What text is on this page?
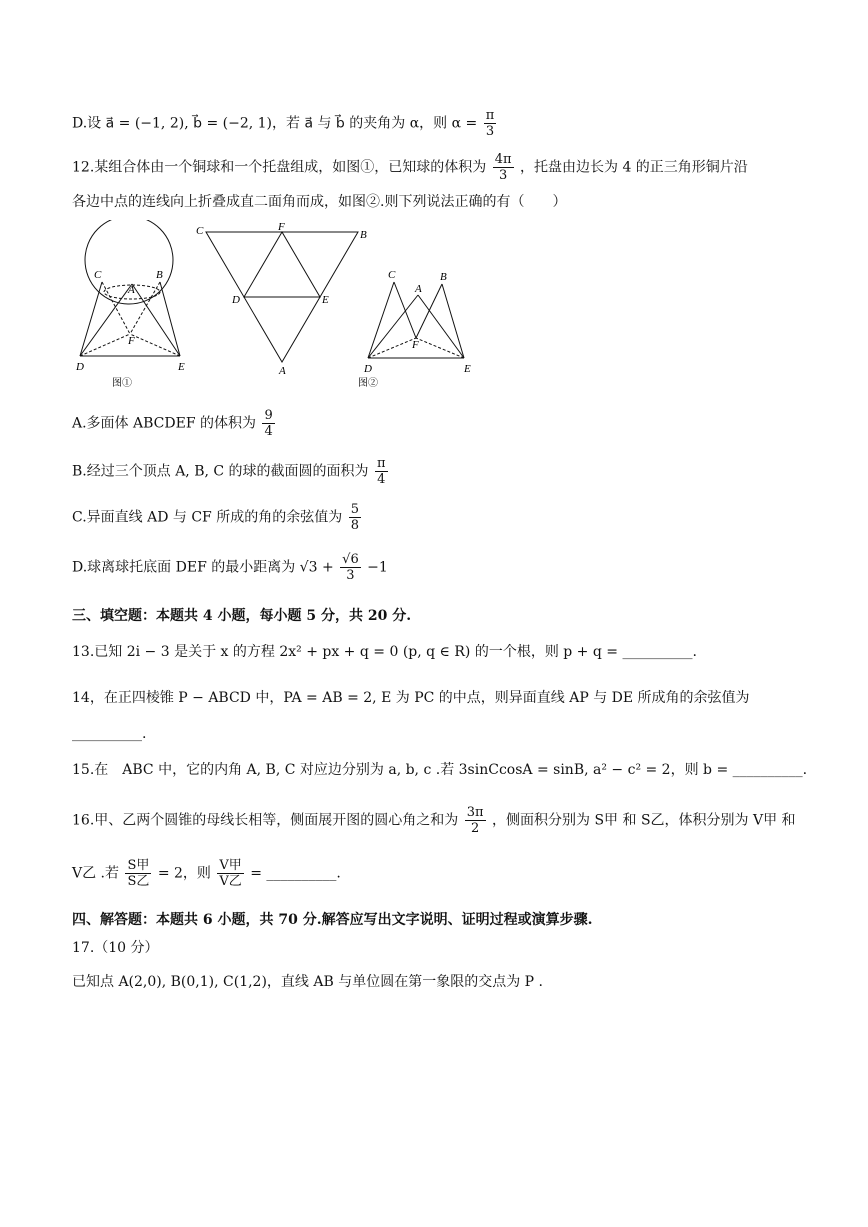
D.设 a⃗ = (−1, 2), b⃗ = (−2, 1)，若 a⃗ 与 b⃗ 的夹角为 α，则 $\alpha = \frac{\pi}{3}$
12.某组合体由一个铜球和一个托盘组成，如图①，已知球的体积为 $\frac{4\pi}{3}$ ，托盘由边长为 4 的正三角形铜片沿
各边中点的连线向上折叠成直二面角而成，如图②.则下列说法正确的有（　　）
C	B
A
F
D	E
图①
C	F
B
D	E
A
C
A
B
F
D	E
图②
A.多面体 ABCDEF 的体积为 $\frac{9}{4}$
B.经过三个顶点 A, B, C 的球的截面圆的面积为 $\frac{\pi}{4}$
C.异面直线 AD 与 CF 所成的角的余弦值为 $\frac{5}{8}$
D.球离球托底面 DEF 的最小距离为 $√3 + \frac{√6}{3} -1$
三、填空题：本题共 4 小题，每小题 5 分，共 20 分.
13.已知 2i − 3 是关于 x 的方程 2x² + px + q = 0 (p, q ∈ R) 的一个根，则 p + q = __________.
14，在正四棱锥 P − ABCD 中，PA = AB = 2, E 为 PC 的中点，则异面直线 AP 与 DE 所成角的余弦值为
__________.
15.在　ABC 中，它的内角 A, B, C 对应边分别为 a, b, c .若 3sinCcosA = sinB, a² − c² = 2，则 b = __________.
16.甲、乙两个圆锥的母线长相等，侧面展开图的圆心角之和为 $\frac{3\pi}{2}$ ，侧面积分别为 S甲 和 S乙，体积分别为 V甲 和
V乙 .若 $\frac{\text{S甲}}{\text{S乙}} = 2$，则 $\frac{\text{V甲}}{\text{V乙}}$ = __________.
四、解答题：本题共 6 小题，共 70 分.解答应写出文字说明、证明过程或演算步骤.
17.（10 分）
已知点 A(2,0), B(0,1), C(1,2)，直线 AB 与单位圆在第一象限的交点为 P .
